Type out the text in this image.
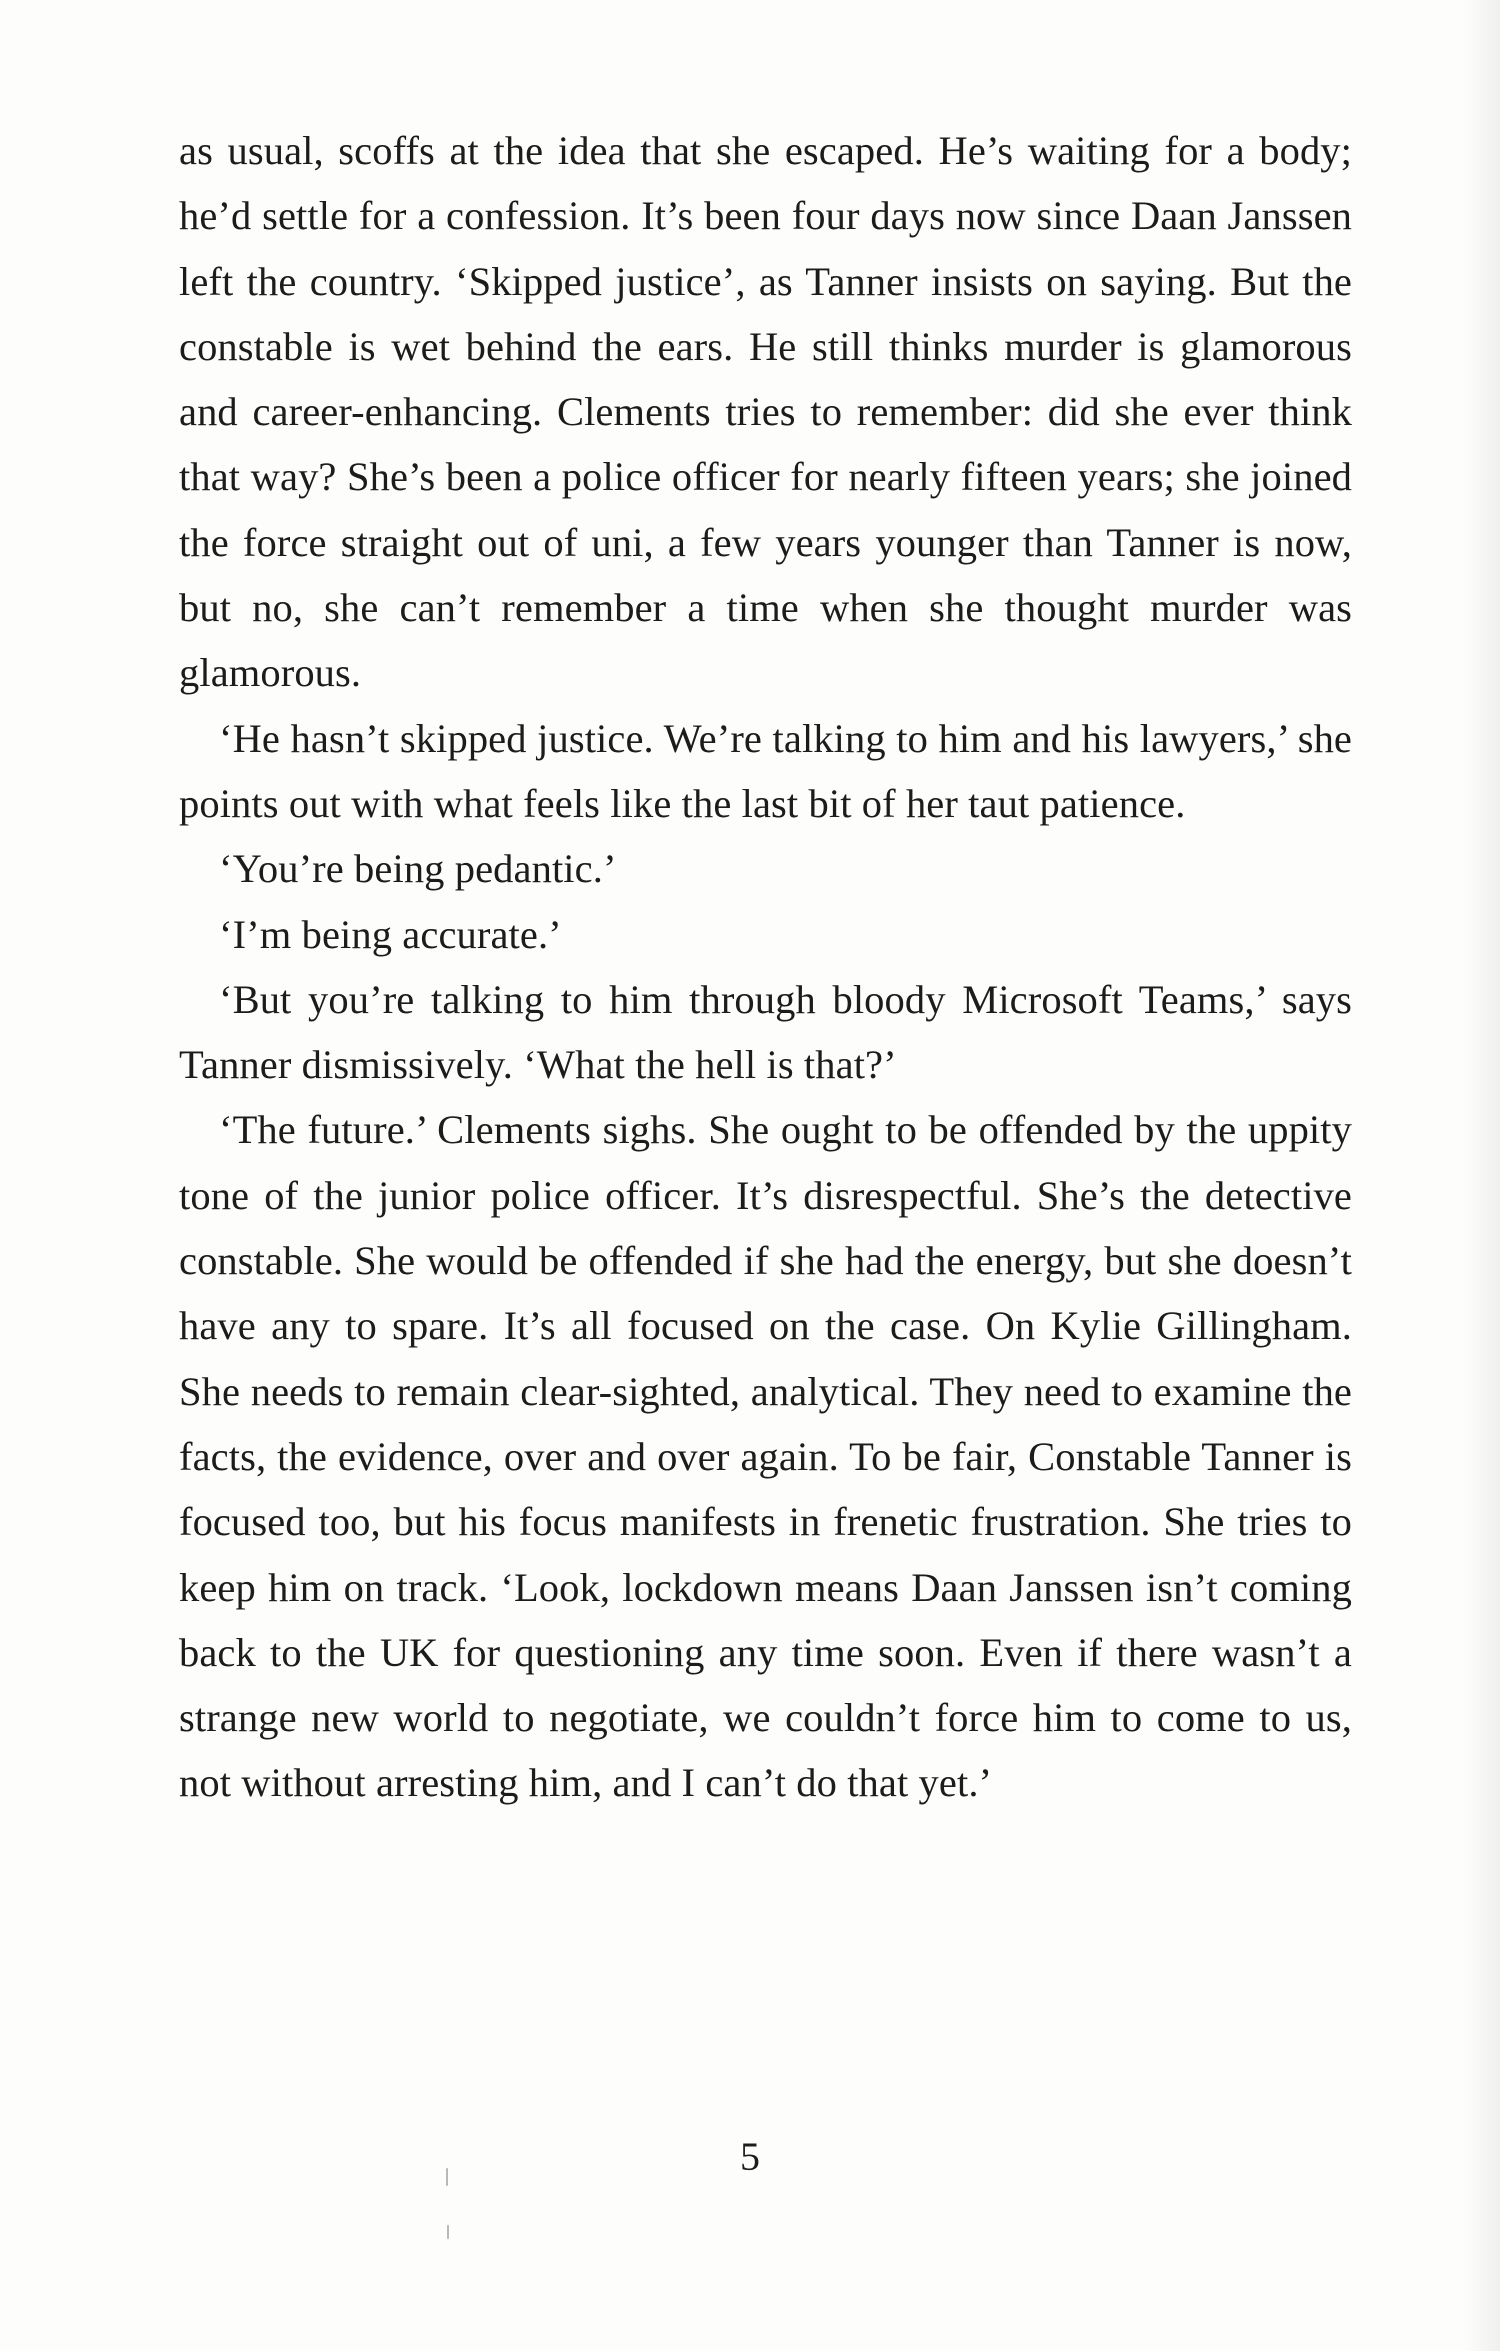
as usual, scoffs at the idea that she escaped. He’s waiting for a body; he’d settle for a confession. It’s been four days now since Daan Janssen left the country. ‘Skipped justice’, as Tanner insists on saying. But the constable is wet behind the ears. He still thinks murder is glamorous and career-enhancing. Clements tries to remember: did she ever think that way? She’s been a police officer for nearly fifteen years; she joined the force straight out of uni, a few years younger than Tanner is now, but no, she can’t remember a time when she thought murder was glamorous.

‘He hasn’t skipped justice. We’re talking to him and his lawyers,’ she points out with what feels like the last bit of her taut patience.

‘You’re being pedantic.’

‘I’m being accurate.’

‘But you’re talking to him through bloody Microsoft Teams,’ says Tanner dismissively. ‘What the hell is that?’

‘The future.’ Clements sighs. She ought to be offended by the uppity tone of the junior police officer. It’s disrespectful. She’s the detective constable. She would be offended if she had the energy, but she doesn’t have any to spare. It’s all focused on the case. On Kylie Gillingham. She needs to remain clear-sighted, analytical. They need to examine the facts, the evidence, over and over again. To be fair, Constable Tanner is focused too, but his focus manifests in frenetic frustration. She tries to keep him on track. ‘Look, lockdown means Daan Janssen isn’t coming back to the UK for questioning any time soon. Even if there wasn’t a strange new world to negotiate, we couldn’t force him to come to us, not without arresting him, and I can’t do that yet.’

5
